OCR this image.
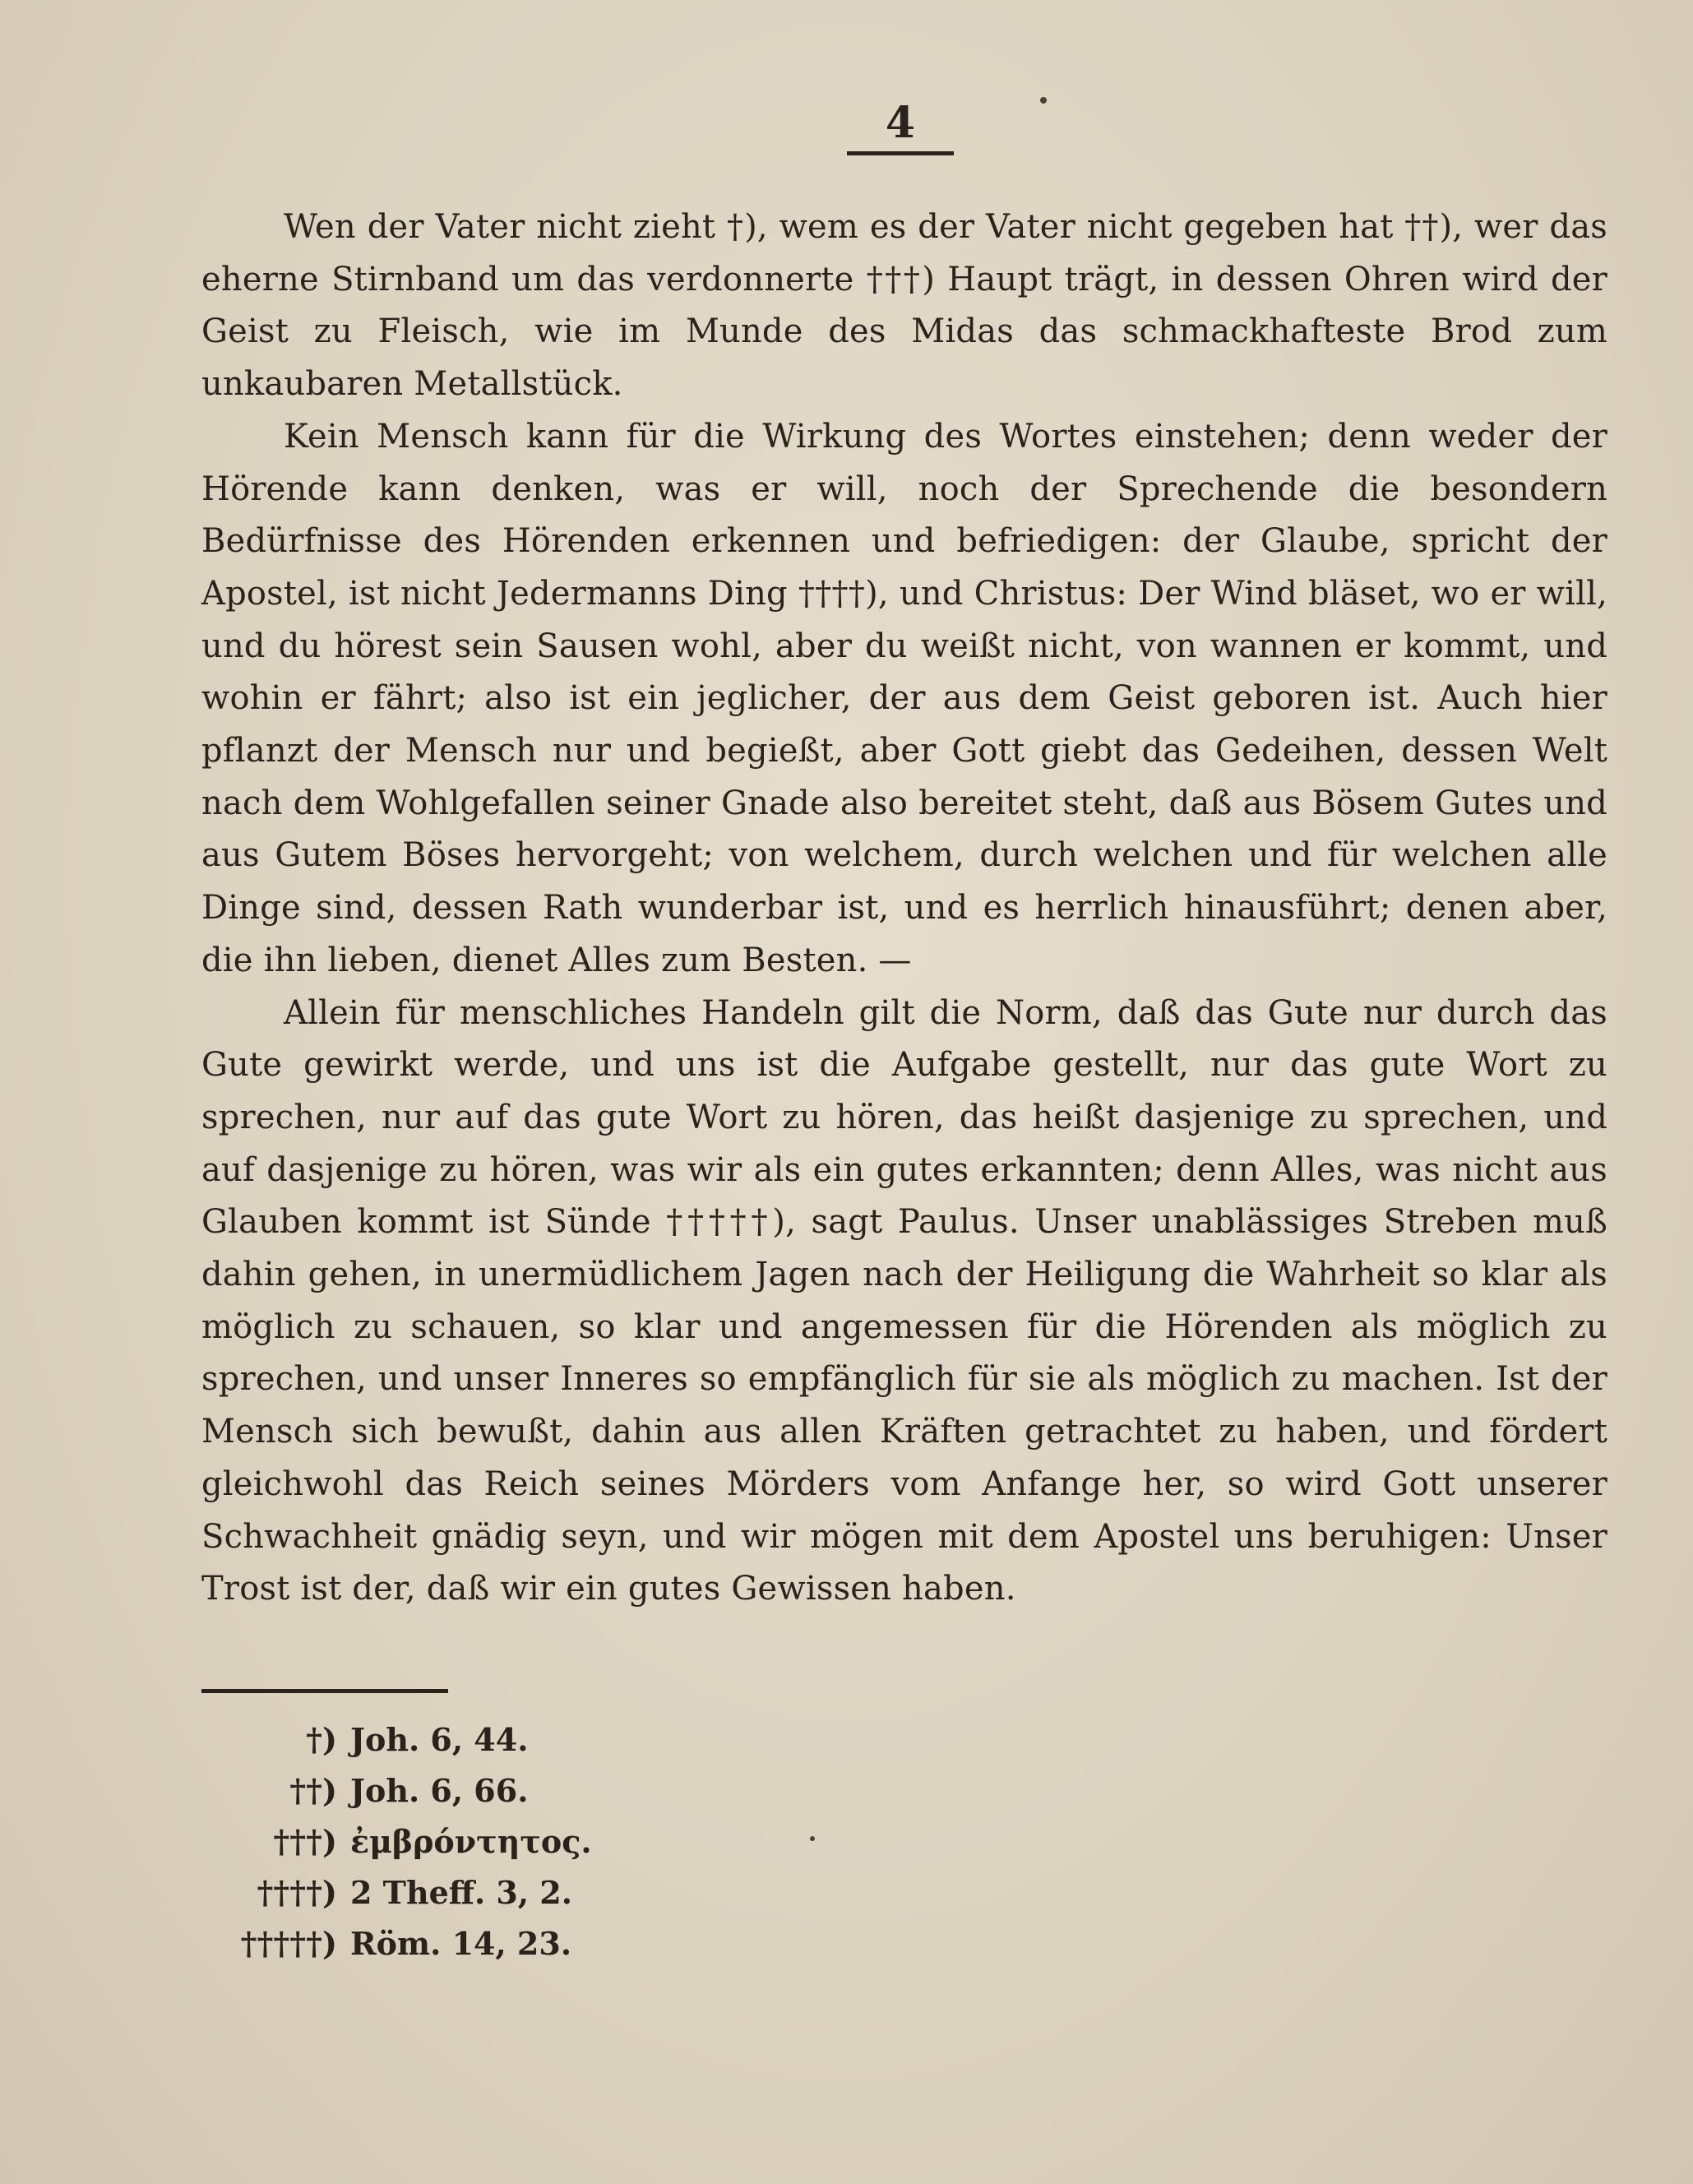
4

Wen der Vater nicht zieht †), wem es der Vater nicht gegeben hat ††), wer das eherne Stirnband um das verdonnerte †††) Haupt trägt, in dessen Ohren wird der Geist zu Fleisch, wie im Munde des Midas das schmackhafteste Brod zum unkaubaren Metallstück.

Kein Mensch kann für die Wirkung des Wortes einstehen; denn weder der Hörende kann denken, was er will, noch der Sprechende die besondern Bedürfnisse des Hörenden erkennen und befriedigen: der Glaube, spricht der Apostel, ist nicht Jedermanns Ding ††††), und Christus: Der Wind bläset, wo er will, und du hörest sein Sausen wohl, aber du weißt nicht, von wannen er kommt, und wohin er fährt; also ist ein jeglicher, der aus dem Geist geboren ist. Auch hier pflanzt der Mensch nur und begießt, aber Gott giebt das Gedeihen, dessen Welt nach dem Wohlgefallen seiner Gnade also bereitet steht, daß aus Bösem Gutes und aus Gutem Böses hervorgeht; von welchem, durch welchen und für welchen alle Dinge sind, dessen Rath wunderbar ist, und es herrlich hinausführt; denen aber, die ihn lieben, dienet Alles zum Besten. —

Allein für menschliches Handeln gilt die Norm, daß das Gute nur durch das Gute gewirkt werde, und uns ist die Aufgabe gestellt, nur das gute Wort zu sprechen, nur auf das gute Wort zu hören, das heißt dasjenige zu sprechen, und auf dasjenige zu hören, was wir als ein gutes erkannten; denn Alles, was nicht aus Glauben kommt ist Sünde †††††), sagt Paulus. Unser unablässiges Streben muß dahin gehen, in unermüdlichem Jagen nach der Heiligung die Wahrheit so klar als möglich zu schauen, so klar und angemessen für die Hörenden als möglich zu sprechen, und unser Inneres so empfänglich für sie als möglich zu machen. Ist der Mensch sich bewußt, dahin aus allen Kräften getrachtet zu haben, und fördert gleichwohl das Reich seines Mörders vom Anfange her, so wird Gott unserer Schwachheit gnädig seyn, und wir mögen mit dem Apostel uns beruhigen: Unser Trost ist der, daß wir ein gutes Gewissen haben.

†) Joh. 6, 44.
††) Joh. 6, 66.
†††) ἐμβρόντητος.
††††) 2 Theff. 3, 2.
†††††) Röm. 14, 23.
